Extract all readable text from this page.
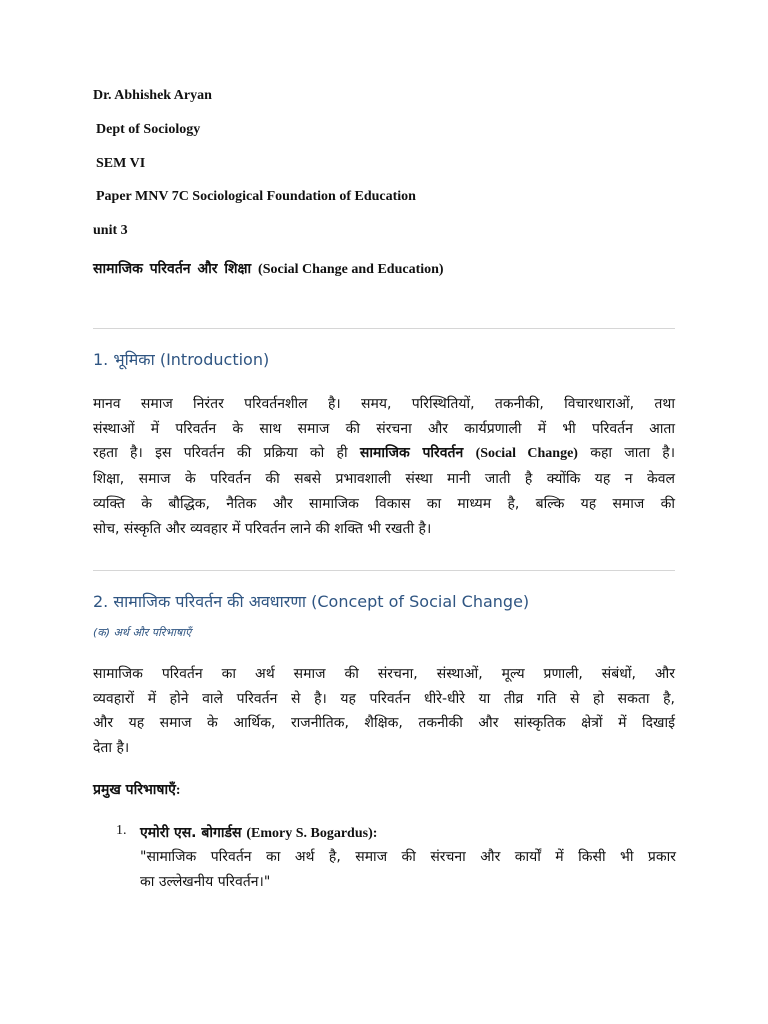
Dr. Abhishek Aryan
Dept of Sociology
SEM VI
Paper MNV 7C Sociological Foundation of Education
unit 3
सामाजिक परिवर्तन और शिक्षा (Social Change and Education)
1. भूमिका (Introduction)
मानव समाज निरंतर परिवर्तनशील है। समय, परिस्थितियों, तकनीकी, विचारधाराओं, तथा
संस्थाओं में परिवर्तन के साथ समाज की संरचना और कार्यप्रणाली में भी परिवर्तन आता
रहता है। इस परिवर्तन की प्रक्रिया को ही सामाजिक परिवर्तन (Social Change) कहा जाता है।
शिक्षा, समाज के परिवर्तन की सबसे प्रभावशाली संस्था मानी जाती है क्योंकि यह न केवल
व्यक्ति के बौद्धिक, नैतिक और सामाजिक विकास का माध्यम है, बल्कि यह समाज की
सोच, संस्कृति और व्यवहार में परिवर्तन लाने की शक्ति भी रखती है।
2. सामाजिक परिवर्तन की अवधारणा (Concept of Social Change)
(क) अर्थ और परिभाषाएँ
सामाजिक परिवर्तन का अर्थ समाज की संरचना, संस्थाओं, मूल्य प्रणाली, संबंधों, और
व्यवहारों में होने वाले परिवर्तन से है। यह परिवर्तन धीरे-धीरे या तीव्र गति से हो सकता है,
और यह समाज के आर्थिक, राजनीतिक, शैक्षिक, तकनीकी और सांस्कृतिक क्षेत्रों में दिखाई
देता है।
प्रमुख परिभाषाएँ:
1. एमोरी एस. बोगार्डस (Emory S. Bogardus):
"सामाजिक परिवर्तन का अर्थ है, समाज की संरचना और कार्यों में किसी भी प्रकार
का उल्लेखनीय परिवर्तन।"
